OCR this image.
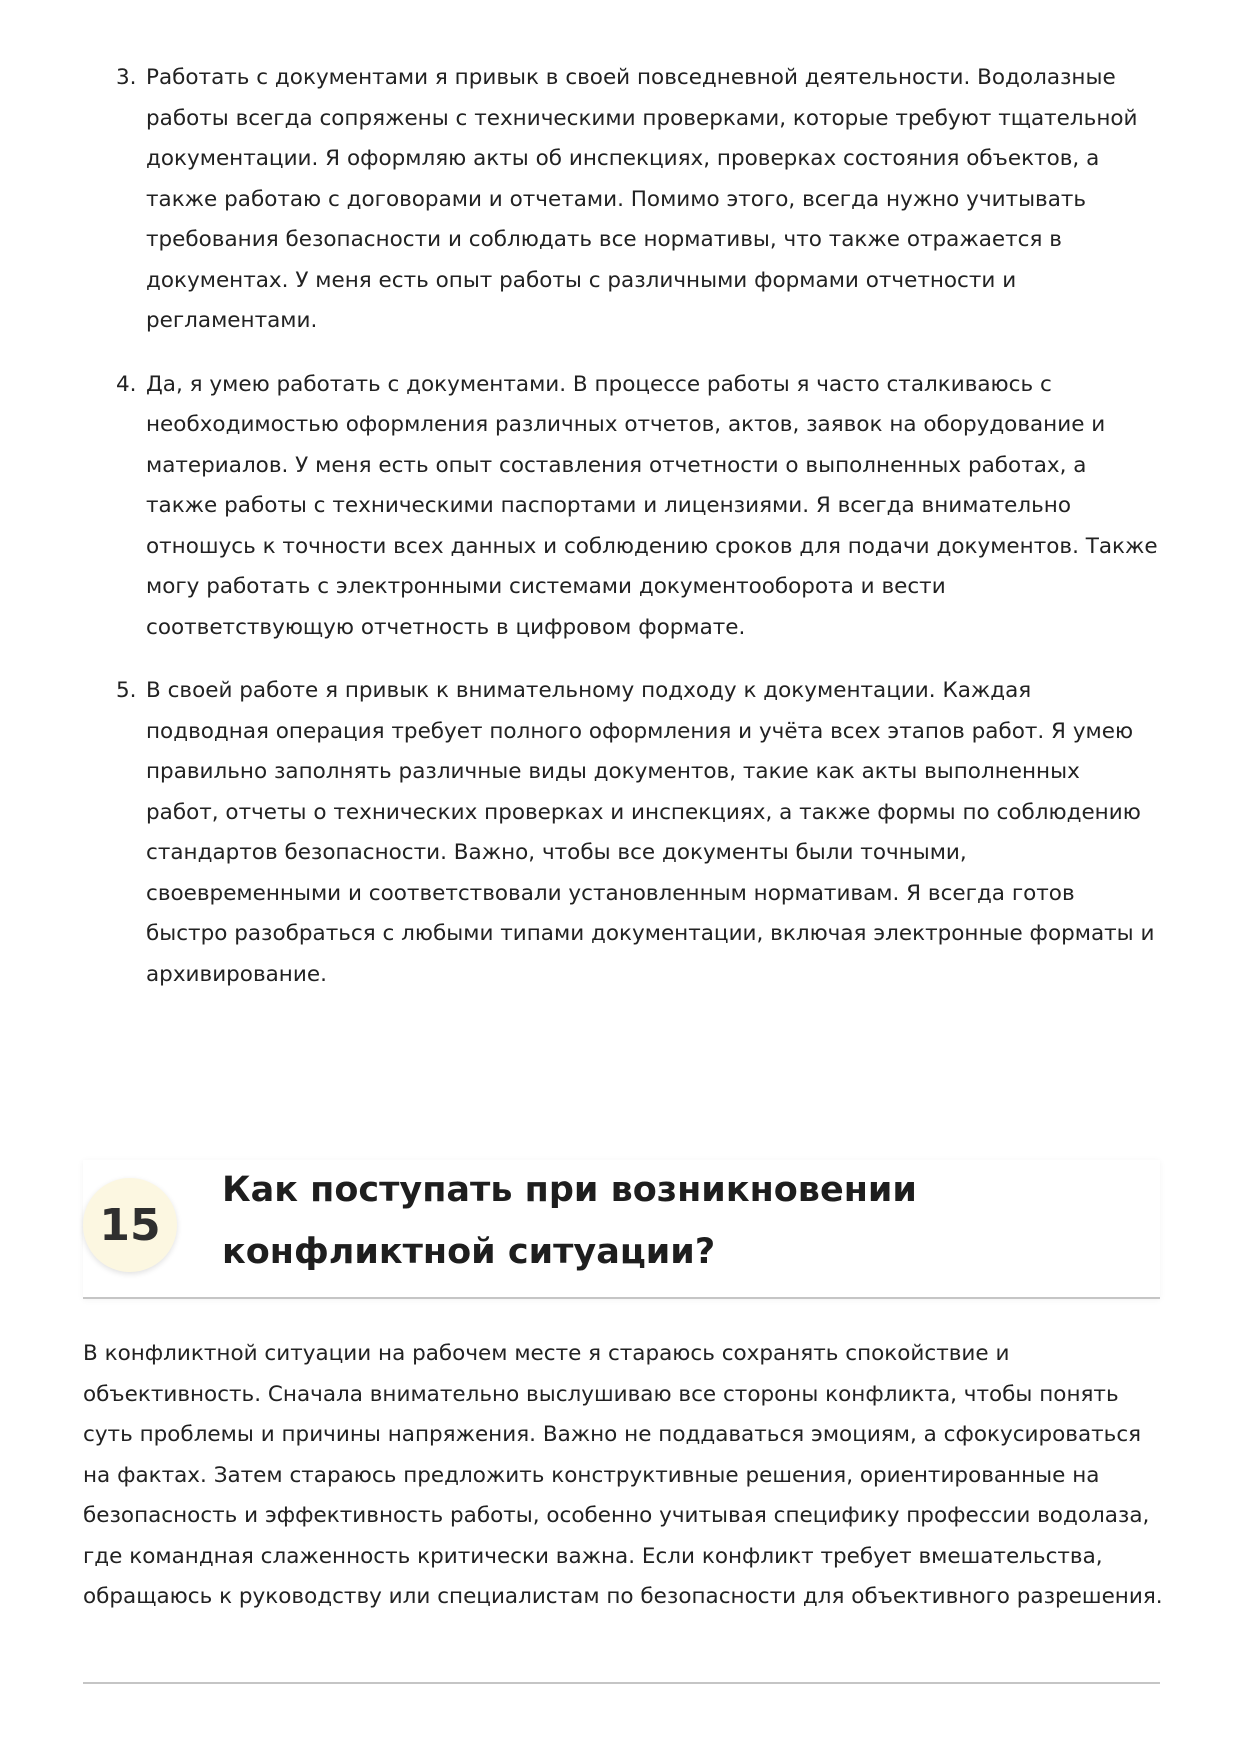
3. Работать с документами я привык в своей повседневной деятельности. Водолазные работы всегда сопряжены с техническими проверками, которые требуют тщательной документации. Я оформляю акты об инспекциях, проверках состояния объектов, а также работаю с договорами и отчетами. Помимо этого, всегда нужно учитывать требования безопасности и соблюдать все нормативы, что также отражается в документах. У меня есть опыт работы с различными формами отчетности и регламентами.
4. Да, я умею работать с документами. В процессе работы я часто сталкиваюсь с необходимостью оформления различных отчетов, актов, заявок на оборудование и материалов. У меня есть опыт составления отчетности о выполненных работах, а также работы с техническими паспортами и лицензиями. Я всегда внимательно отношусь к точности всех данных и соблюдению сроков для подачи документов. Также могу работать с электронными системами документооборота и вести соответствующую отчетность в цифровом формате.
5. В своей работе я привык к внимательному подходу к документации. Каждая подводная операция требует полного оформления и учёта всех этапов работ. Я умею правильно заполнять различные виды документов, такие как акты выполненных работ, отчеты о технических проверках и инспекциях, а также формы по соблюдению стандартов безопасности. Важно, чтобы все документы были точными, своевременными и соответствовали установленным нормативам. Я всегда готов быстро разобраться с любыми типами документации, включая электронные форматы и архивирование.
15
Как поступать при возникновении конфликтной ситуации?

В конфликтной ситуации на рабочем месте я стараюсь сохранять спокойствие и объективность. Сначала внимательно выслушиваю все стороны конфликта, чтобы понять суть проблемы и причины напряжения. Важно не поддаваться эмоциям, а сфокусироваться на фактах. Затем стараюсь предложить конструктивные решения, ориентированные на безопасность и эффективность работы, особенно учитывая специфику профессии водолаза, где командная слаженность критически важна. Если конфликт требует вмешательства, обращаюсь к руководству или специалистам по безопасности для объективного разрешения.
